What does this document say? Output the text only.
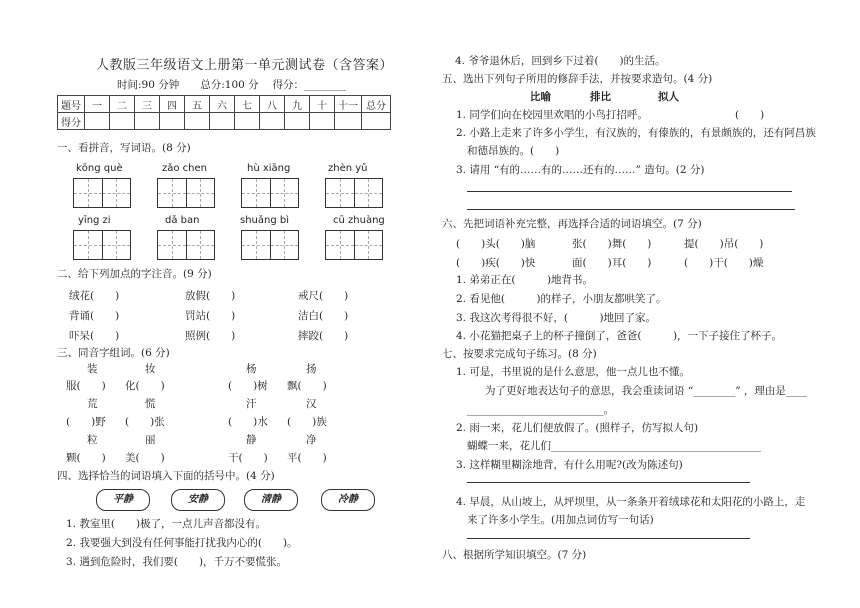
人教版三年级语文上册第一单元测试卷（含答案）
时间:90 分钟　　总分:100 分　 得分：________
题号	一	二	三	四	五	六	七	八	九	十	十一	总分
得分												
一、看拼音，写词语。(8 分)
kōng què	zǎo chen	hù xiāng	zhèn yǔ
yīng zi	dǎ ban	shuǎng bì	cū zhuàng
二、给下列加点的字注音。(9 分)
绒花(　　)	放假(　　)	戒尺(　　)
背诵(　　)	罚站(　　)	洁白(　　)
吓呆(　　)	照例(　　)	摔跤(　　)
三、同音字组词。(6 分)
装	妆	杨	扬
服(　　) 化(　　)	(　　)树 飘(　　)
荒	慌	汗	汉
(　　)野 (　　)张	(　　)水 (　　)族
粒	丽	静	净
颗(　　) 美(　　)	干(　　) 平(　　)
四、选择恰当的词语填入下面的括号中。(4 分)
平静	安静	清静	冷静
1. 教室里(　　)极了，一点儿声音都没有。
2. 我要强大到没有任何事能打扰我内心的(　　)。
3. 遇到危险时，我们要(　　)，千万不要慌张。
4. 爷爷退休后，回到乡下过着(　　)的生活。
五、选出下列句子所用的修辞手法，并按要求造句。(4 分)
比喻	排比	拟人
1. 同学们向在校园里欢唱的小鸟打招呼。	(　　)
2. 小路上走来了许多小学生，有汉族的，有傣族的，有景颇族的，还有阿昌族
和德昂族的。(　　)
3. 请用 “有的……有的……还有的……” 造句。(2 分)
六、先把词语补充完整，再选择合适的词语填空。(7 分)
(　　)头(　　)脑	张(　　)舞(　　)	提(　　)吊(　　)
(　　)疾(　　)快	面(　　)耳(　　)	(　　)干(　　)燥
1. 弟弟正在(　　　)地背书。
2. 看见他(　　　)的样子，小朋友都哄笑了。
3. 我这次考得很不好，(　　　)地回了家。
4. 小花猫把桌子上的杯子撞倒了，爸爸(　　　)，一下子接住了杯子。
七、按要求完成句子练习。(8 分)
1. 可是，书里说的是什么意思，他一点儿也不懂。
为了更好地表达句子的意思，我会重读词语 “________” ，理由是____
__________________________。
2. 雨一来，花儿们便放假了。(照样子，仿写拟人句)
蝴蝶一来，花儿们________________________________________
3. 这样糊里糊涂地背，有什么用呢?(改为陈述句)
4. 早晨，从山坡上，从坪坝里，从一条条开着绒球花和太阳花的小路上，走
来了许多小学生。(用加点词仿写一句话)
八、根据所学知识填空。(7 分)
